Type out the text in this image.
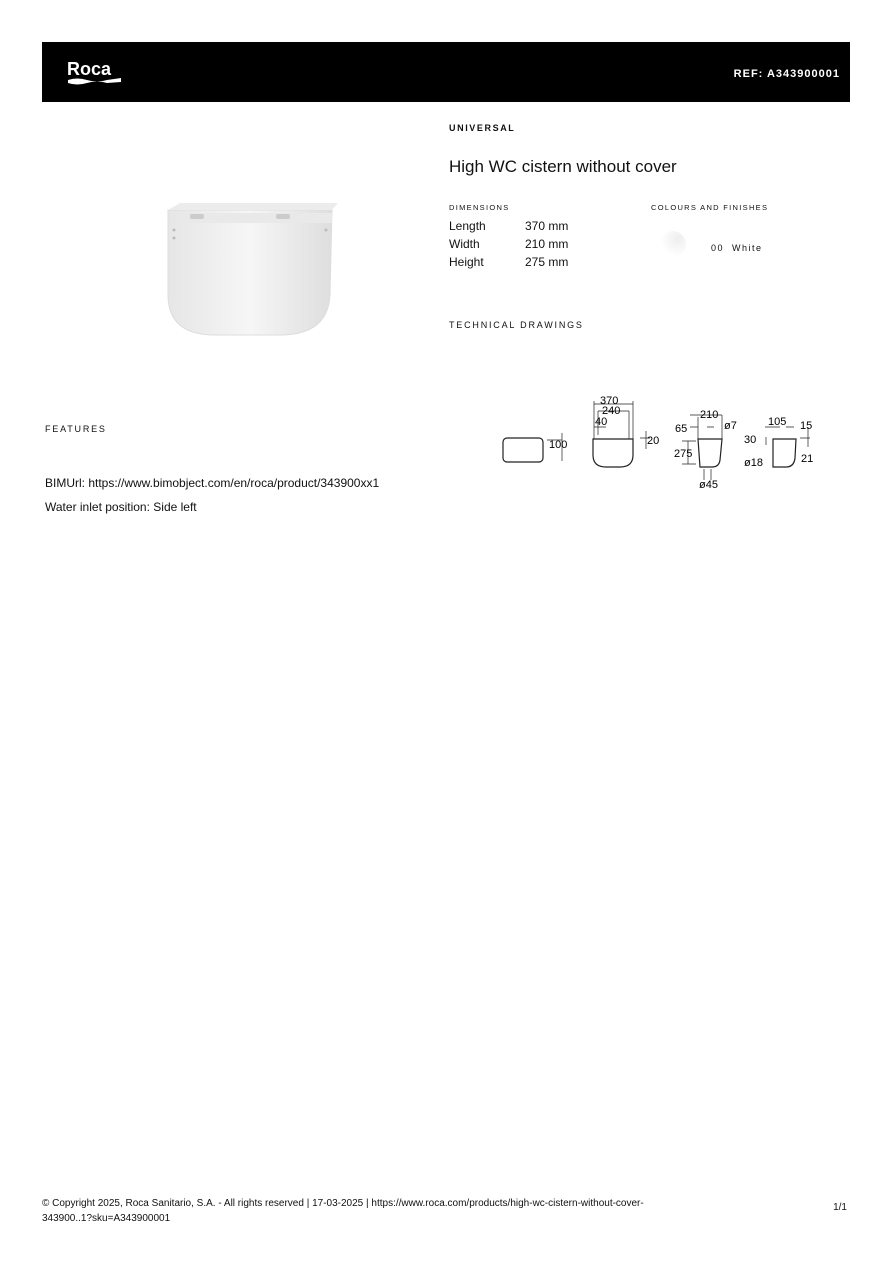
Roca	REF: A343900001
UNIVERSAL
High WC cistern without cover
DIMENSIONS
Length	370 mm
Width	210 mm
Height	275 mm
COLOURS AND FINISHES
00  White
TECHNICAL DRAWINGS
370
240
40
100	20
210
65	ø7
275
ø45
105 15
30
ø18	21
FEATURES
BIMUrl: https://www.bimobject.com/en/roca/product/343900xx1
Water inlet position: Side left
© Copyright 2025, Roca Sanitario, S.A. - All rights reserved | 17-03-2025 | https://www.roca.com/products/high-wc-cistern-without-cover-343900..1?sku=A343900001
1/1
